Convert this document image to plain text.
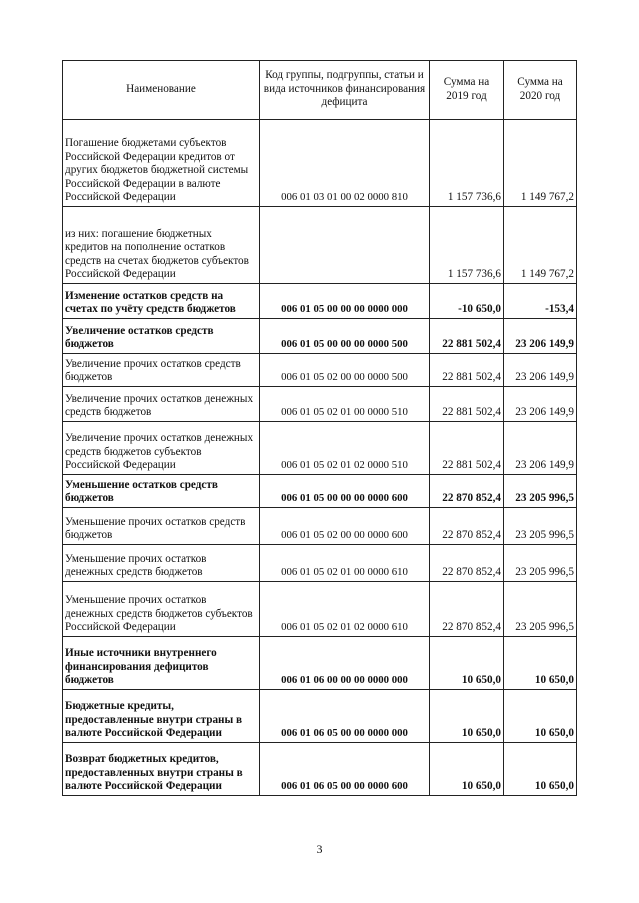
Наименование	Код группы, подгруппы, статьи и вида источников финансирования дефицита	Сумма на 2019 год	Сумма на 2020 год
Погашение бюджетами субъектов Российской Федерации кредитов от других бюджетов бюджетной системы Российской Федерации в валюте Российской Федерации	006 01 03 01 00 02 0000 810	1 157 736,6	1 149 767,2
из них: погашение бюджетных кредитов на пополнение остатков средств на счетах бюджетов субъектов Российской Федерации		1 157 736,6	1 149 767,2
Изменение остатков средств на счетах по учёту средств бюджетов	006 01 05 00 00 00 0000 000	-10 650,0	-153,4
Увеличение остатков средств бюджетов	006 01 05 00 00 00 0000 500	22 881 502,4	23 206 149,9
Увеличение прочих остатков средств бюджетов	006 01 05 02 00 00 0000 500	22 881 502,4	23 206 149,9
Увеличение прочих остатков денежных средств бюджетов	006 01 05 02 01 00 0000 510	22 881 502,4	23 206 149,9
Увеличение прочих остатков денежных средств бюджетов субъектов Российской Федерации	006 01 05 02 01 02 0000 510	22 881 502,4	23 206 149,9
Уменьшение остатков средств бюджетов	006 01 05 00 00 00 0000 600	22 870 852,4	23 205 996,5
Уменьшение прочих остатков средств бюджетов	006 01 05 02 00 00 0000 600	22 870 852,4	23 205 996,5
Уменьшение прочих остатков денежных средств бюджетов	006 01 05 02 01 00 0000 610	22 870 852,4	23 205 996,5
Уменьшение прочих остатков денежных средств бюджетов субъектов Российской Федерации	006 01 05 02 01 02 0000 610	22 870 852,4	23 205 996,5
Иные источники внутреннего финансирования дефицитов бюджетов	006 01 06 00 00 00 0000 000	10 650,0	10 650,0
Бюджетные кредиты, предоставленные внутри страны в валюте Российской Федерации	006 01 06 05 00 00 0000 000	10 650,0	10 650,0
Возврат бюджетных кредитов, предоставленных внутри страны в валюте Российской Федерации	006 01 06 05 00 00 0000 600	10 650,0	10 650,0
3
